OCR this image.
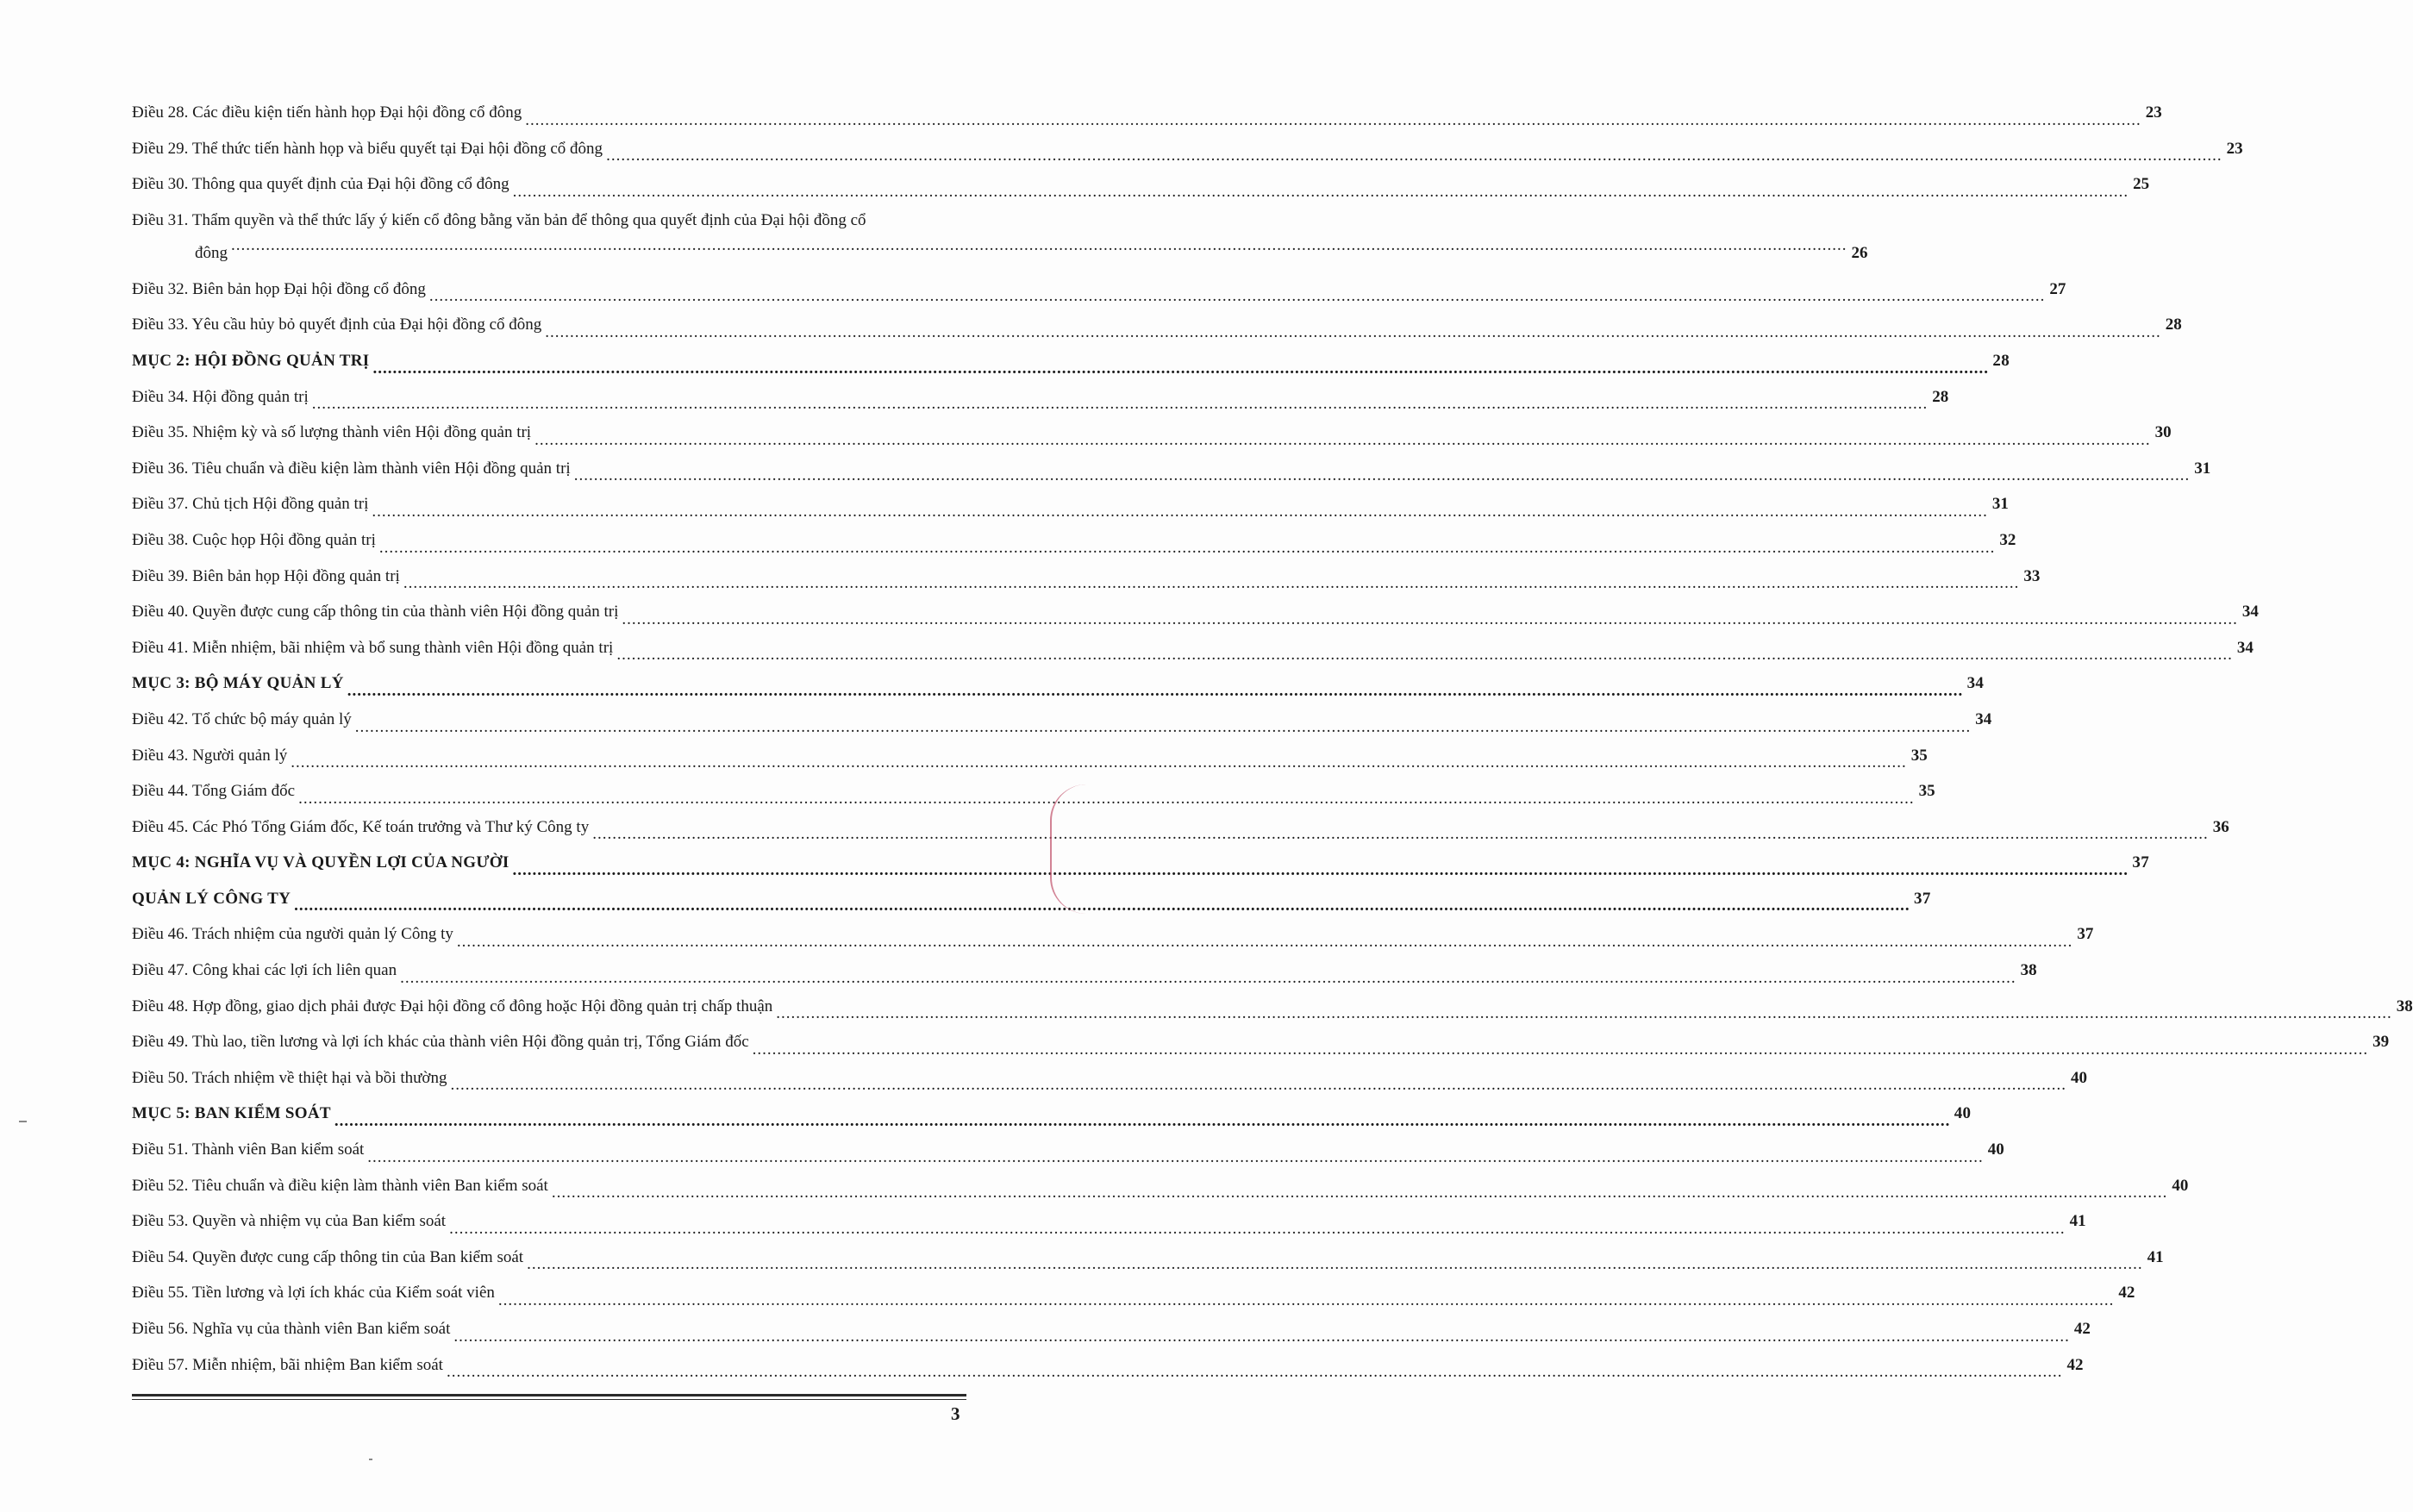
Điều 28. Các điều kiện tiến hành họp Đại hội đồng cổ đông .....	23
Điều 29. Thể thức tiến hành họp và biểu quyết tại Đại hội đồng cổ đông .....	23
Điều 30. Thông qua quyết định của Đại hội đồng cổ đông .....	25
Điều 31. Thẩm quyền và thể thức lấy ý kiến cổ đông bằng văn bản để thông qua quyết định của Đại hội đồng cổ
đông .....	26
Điều 32. Biên bản họp Đại hội đồng cổ đông .....	27
Điều 33. Yêu cầu hủy bỏ quyết định của Đại hội đồng cổ đông .....	28
MỤC 2: HỘI ĐỒNG QUẢN TRỊ .....	28
Điều 34. Hội đồng quản trị .....	28
Điều 35. Nhiệm kỳ và số lượng thành viên Hội đồng quản trị .....	30
Điều 36. Tiêu chuẩn và điều kiện làm thành viên Hội đồng quản trị .....	31
Điều 37. Chủ tịch Hội đồng quản trị .....	31
Điều 38. Cuộc họp Hội đồng quản trị .....	32
Điều 39. Biên bản họp Hội đồng quản trị .....	33
Điều 40. Quyền được cung cấp thông tin của thành viên Hội đồng quản trị .....	34
Điều 41. Miễn nhiệm, bãi nhiệm và bổ sung thành viên Hội đồng quản trị .....	34
MỤC 3: BỘ MÁY QUẢN LÝ .....	34
Điều 42. Tổ chức bộ máy quản lý .....	34
Điều 43. Người quản lý .....	35
Điều 44. Tổng Giám đốc .....	35
Điều 45. Các Phó Tổng Giám đốc, Kế toán trưởng và Thư ký Công ty .....	36
MỤC 4: NGHĨA VỤ VÀ QUYỀN LỢI CỦA NGƯỜI .....	37
QUẢN LÝ CÔNG TY .....	37
Điều 46. Trách nhiệm của người quản lý Công ty .....	37
Điều 47. Công khai các lợi ích liên quan .....	38
Điều 48. Hợp đồng, giao dịch phải được Đại hội đồng cổ đông hoặc Hội đồng quản trị chấp thuận .....	38
Điều 49. Thù lao, tiền lương và lợi ích khác của thành viên Hội đồng quản trị, Tổng Giám đốc .....	39
Điều 50. Trách nhiệm về thiệt hại và bồi thường .....	40
MỤC 5: BAN KIỂM SOÁT .....	40
Điều 51. Thành viên Ban kiểm soát .....	40
Điều 52. Tiêu chuẩn và điều kiện làm thành viên Ban kiểm soát .....	40
Điều 53. Quyền và nhiệm vụ của Ban kiểm soát .....	41
Điều 54. Quyền được cung cấp thông tin của Ban kiểm soát .....	41
Điều 55. Tiền lương và lợi ích khác của Kiểm soát viên .....	42
Điều 56. Nghĩa vụ của thành viên Ban kiểm soát .....	42
Điều 57. Miễn nhiệm, bãi nhiệm Ban kiểm soát .....	42
3
